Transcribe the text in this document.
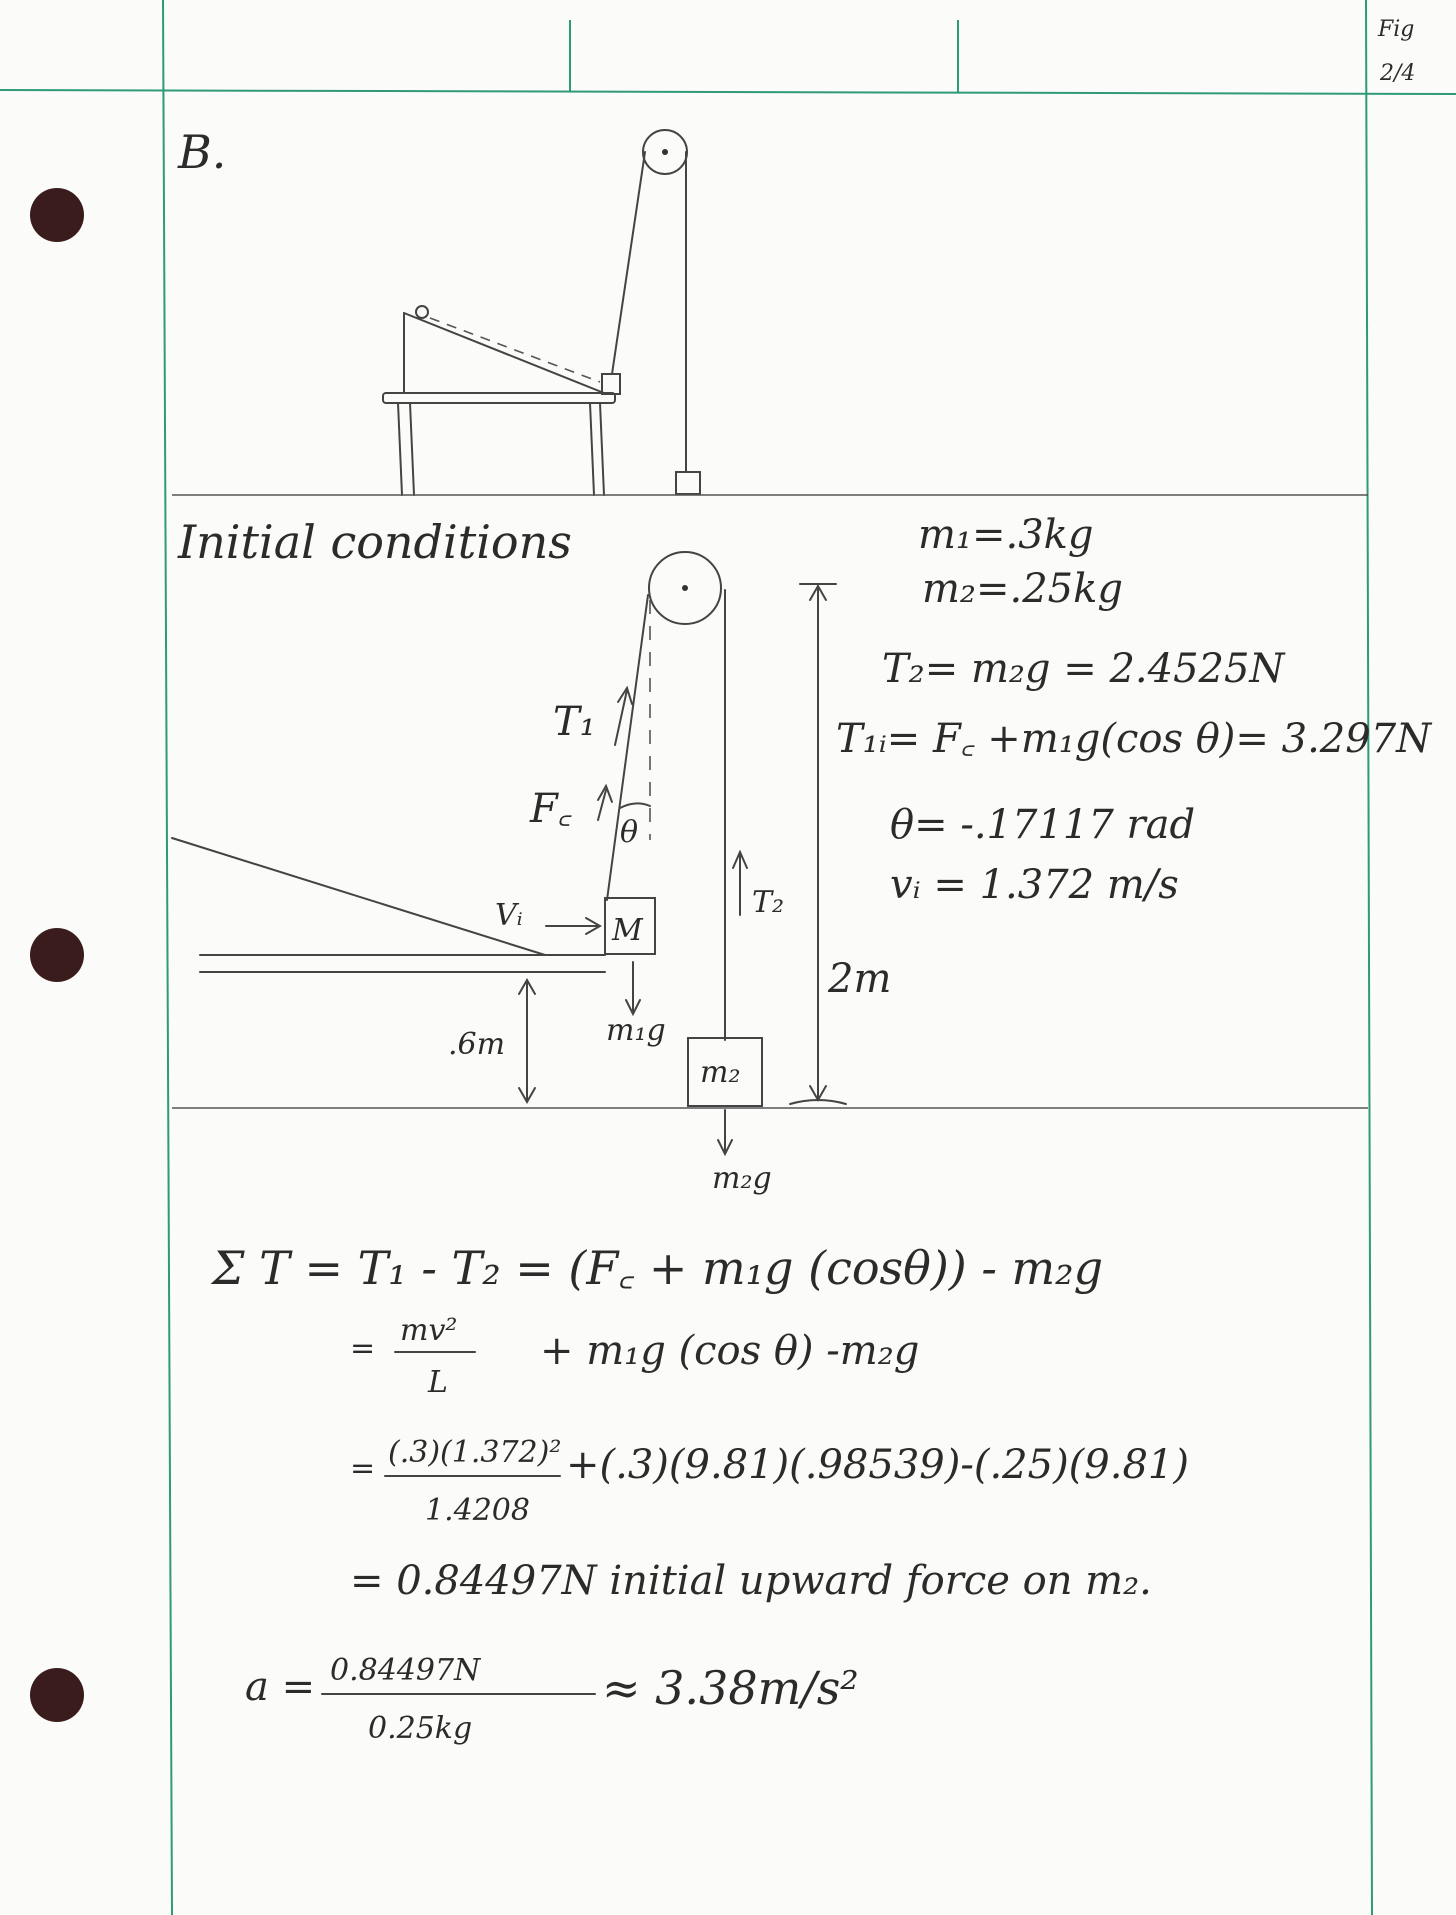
Fig
2/4
B.
Initial conditions	m₁=.3kg
m₂=.25kg
T₂= m₂g = 2.4525N
T₁ᵢ= F꜀ +m₁g(cos θ)= 3.297N
θ= -.17117 rad
vᵢ = 1.372 m/s
T₁
F꜀
θ
Vᵢ	M
T₂
m₁g
m₂
m₂g
.6m
2m
Σ T = T₁ - T₂ = (F꜀ + m₁g (cosθ)) - m₂g
=
mv²
L
+ m₁g (cos θ) -m₂g
= (.3)(1.372)²
1.4208
+(.3)(9.81)(.98539)-(.25)(9.81)
= 0.84497N initial upward force on m₂.
a = 0.84497N
0.25kg
≈ 3.38m/s²
